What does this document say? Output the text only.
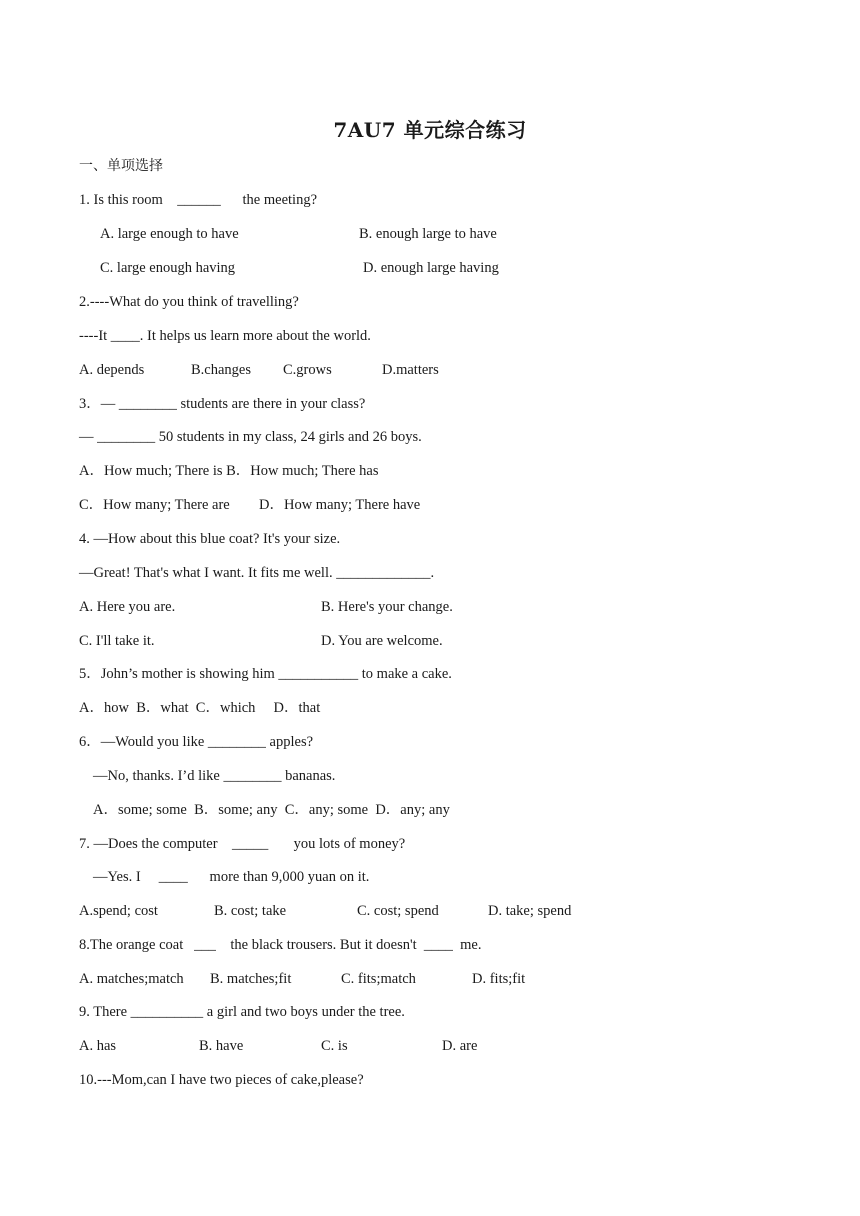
7AU7 单元综合练习
一、单项选择
1. Is this room    ______      the meeting?
A. large enough to have	B. enough large to have
C. large enough having	D. enough large having
2.----What do you think of travelling?
----It ____. It helps us learn more about the world.
A. depends	B.changes C.grows	D.matters
3．— ________ students are there in your class?
— ________ 50 students in my class, 24 girls and 26 boys.
A．How much; There is B．How much; There has
C．How many; There are D．How many; There have
4. —How about this blue coat? It's your size.
—Great! That's what I want. It fits me well. _____________.
A. Here you are.	B. Here's your change.
C. I'll take it.	D. You are welcome.
5．John’s mother is showing him ___________ to make a cake.
A．how  B．what  C．which     D．that
6．—Would you like ________ apples?
—No, thanks. I’d like ________ bananas.
A．some; some  B．some; any  C．any; some  D．any; any
7. —Does the computer    _____       you lots of money?
—Yes. I     ____      more than 9,000 yuan on it.
A.spend; cost	B. cost; take	C. cost; spend	D. take; spend
8.The orange coat   ___    the black trousers. But it doesn't  ____  me.
A. matches;match B. matches;fit	C. fits;match	D. fits;fit
9. There __________ a girl and two boys under the tree.
A. has	B. have	C. is	D. are
10.---Mom,can I have two pieces of cake,please?
